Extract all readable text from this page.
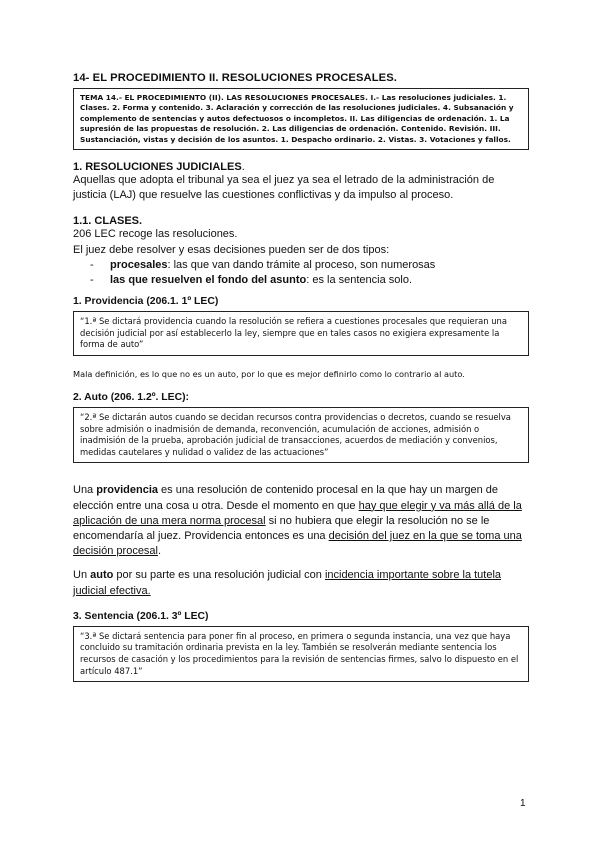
14- EL PROCEDIMIENTO II. RESOLUCIONES PROCESALES.

TEMA 14.- EL PROCEDIMIENTO (II). LAS RESOLUCIONES PROCESALES. I.- Las resoluciones judiciales. 1. Clases. 2. Forma y contenido. 3. Aclaración y corrección de las resoluciones judiciales. 4. Subsanación y complemento de sentencias y autos defectuosos o incompletos. II. Las diligencias de ordenación. 1. La supresión de las propuestas de resolución. 2. Las diligencias de ordenación. Contenido. Revisión. III. Sustanciación, vistas y decisión de los asuntos. 1. Despacho ordinario. 2. Vistas. 3. Votaciones y fallos.

1. RESOLUCIONES JUDICIALES.

Aquellas que adopta el tribunal ya sea el juez ya sea el letrado de la administración de justicia (LAJ) que resuelve las cuestiones conflictivas y da impulso al proceso.

1.1. CLASES.

206 LEC recoge las resoluciones.

El juez debe resolver y esas decisiones pueden ser de dos tipos:

- procesales: las que van dando trámite al proceso, son numerosas
- las que resuelven el fondo del asunto: es la sentencia solo.

1. Providencia (206.1. 1º LEC)

“1.ª Se dictará providencia cuando la resolución se refiera a cuestiones procesales que requieran una decisión judicial por así establecerlo la ley, siempre que en tales casos no exigiera expresamente la forma de auto”

Mala definición, es lo que no es un auto, por lo que es mejor definirlo como lo contrario al auto.

2. Auto (206. 1.2º. LEC):

“2.ª Se dictarán autos cuando se decidan recursos contra providencias o decretos, cuando se resuelva sobre admisión o inadmisión de demanda, reconvención, acumulación de acciones, admisión o inadmisión de la prueba, aprobación judicial de transacciones, acuerdos de mediación y convenios, medidas cautelares y nulidad o validez de las actuaciones”

Una providencia es una resolución de contenido procesal en la que hay un margen de elección entre una cosa u otra. Desde el momento en que hay que elegir y va más allá de la aplicación de una mera norma procesal si no hubiera que elegir la resolución no se le encomendaría al juez. Providencia entonces es una decisión del juez en la que se toma una decisión procesal.

Un auto por su parte es una resolución judicial con incidencia importante sobre la tutela judicial efectiva.

3. Sentencia (206.1. 3º LEC)

“3.ª Se dictará sentencia para poner fin al proceso, en primera o segunda instancia, una vez que haya concluido su tramitación ordinaria prevista en la ley. También se resolverán mediante sentencia los recursos de casación y los procedimientos para la revisión de sentencias firmes, salvo lo dispuesto en el artículo 487.1”

1
